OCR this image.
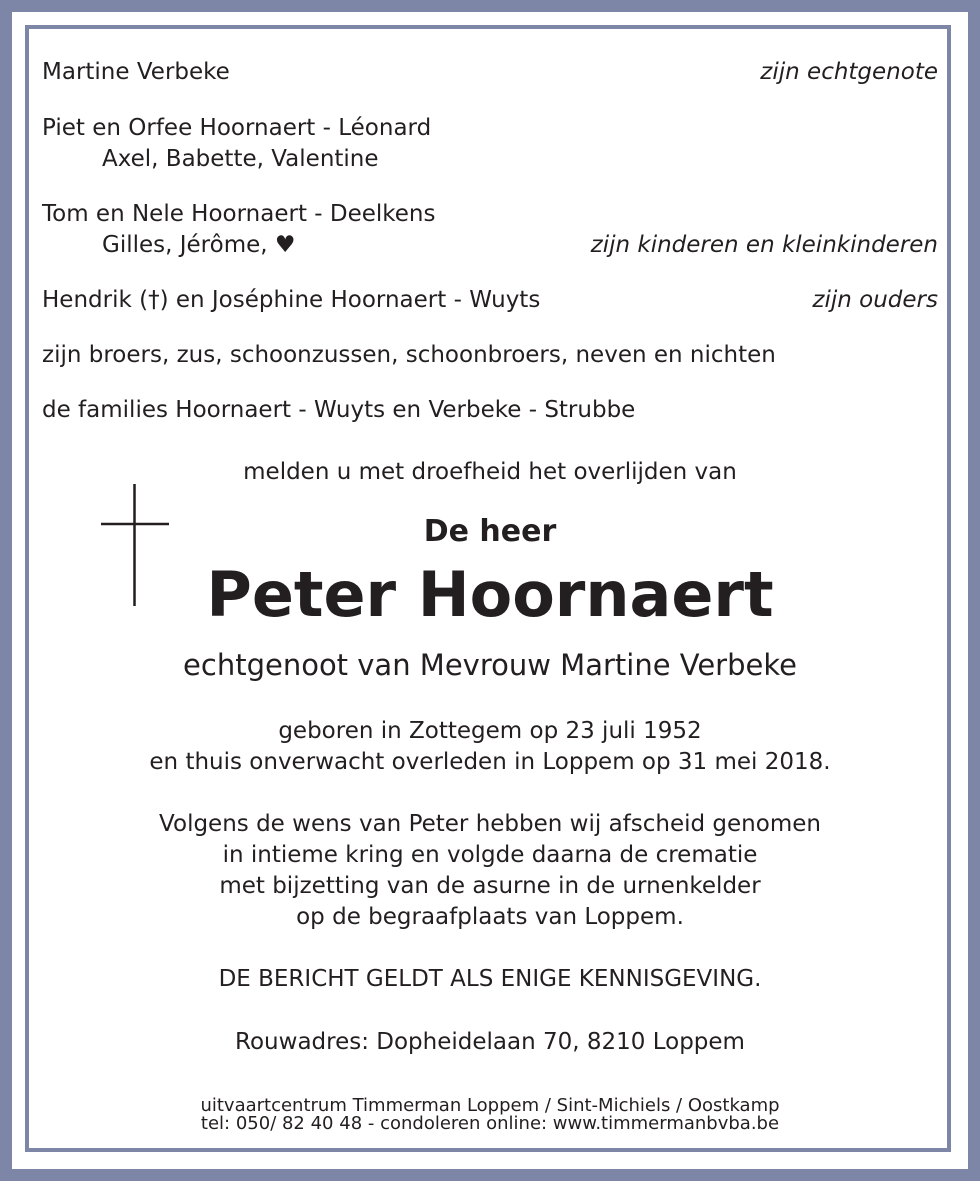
Martine Verbeke	zijn echtgenote
Piet en Orfee Hoornaert - Léonard
Axel, Babette, Valentine
Tom en Nele Hoornaert - Deelkens
Gilles, Jérôme, ♥	zijn kinderen en kleinkinderen
Hendrik (†) en Joséphine Hoornaert - Wuyts	zijn ouders
zijn broers, zus, schoonzussen, schoonbroers, neven en nichten
de families Hoornaert - Wuyts en Verbeke - Strubbe
melden u met droefheid het overlijden van
De heer
Peter Hoornaert
echtgenoot van Mevrouw Martine Verbeke
geboren in Zottegem op 23 juli 1952
en thuis onverwacht overleden in Loppem op 31 mei 2018.
Volgens de wens van Peter hebben wij afscheid genomen
in intieme kring en volgde daarna de crematie
met bijzetting van de asurne in de urnenkelder
op de begraafplaats van Loppem.
DE BERICHT GELDT ALS ENIGE KENNISGEVING.
Rouwadres: Dopheidelaan 70, 8210 Loppem
uitvaartcentrum Timmerman Loppem / Sint-Michiels / Oostkamp
tel: 050/ 82 40 48 - condoleren online: www.timmermanbvba.be
